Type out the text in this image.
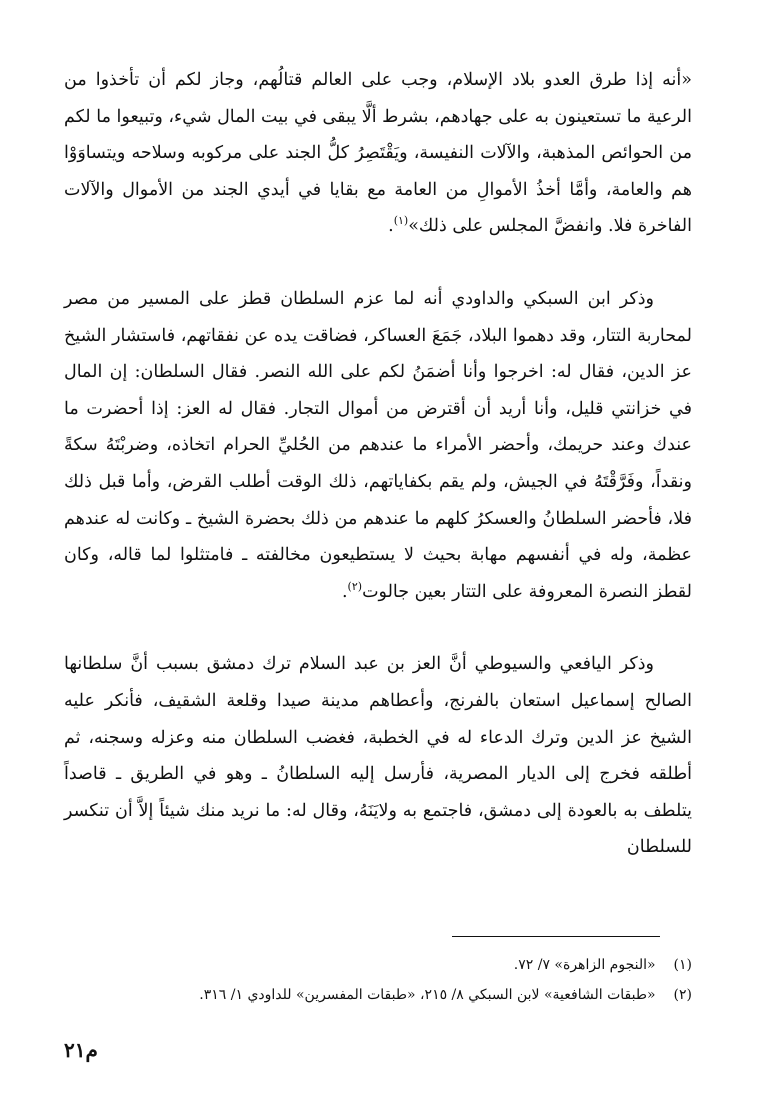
«أنه إذا طرق العدو بلاد الإسلام، وجب على العالم قتالُهم، وجاز لكم أن تأخذوا من الرعية ما تستعينون به على جهادهم، بشرط ألَّا يبقى في بيت المال شيء، وتبيعوا ما لكم من الحوائص المذهبة، والآلات النفيسة، ويَقْتَصِرُ كلُّ الجند على مركوبه وسلاحه ويتساوَوْا هم والعامة، وأمَّا أخذُ الأموالِ من العامة مع بقايا في أيدي الجند من الأموال والآلات الفاخرة فلا. وانفضَّ المجلس على ذلك»$^{(١)}$.

وذكر ابن السبكي والداودي أنه لما عزم السلطان قطز على المسير من مصر لمحاربة التتار، وقد دهموا البلاد، جَمَعَ العساكر، فضاقت يده عن نفقاتهم، فاستشار الشيخ عز الدين، فقال له: اخرجوا وأنا أضمَنُ لكم على الله النصر. فقال السلطان: إن المال في خزانتي قليل، وأنا أريد أن أقترض من أموال التجار. فقال له العز: إذا أحضرت ما عندك وعند حريمك، وأحضر الأمراء ما عندهم من الحُليِّ الحرام اتخاذه، وضربْتَهُ سكةً ونقداً، وفَرَّقْتَهُ في الجيش، ولم يقم بكفاياتهم، ذلك الوقت أطلب القرض، وأما قبل ذلك فلا، فأحضر السلطانُ والعسكرُ كلهم ما عندهم من ذلك بحضرة الشيخ ـ وكانت له عندهم عظمة، وله في أنفسهم مهابة بحيث لا يستطيعون مخالفته ـ فامتثلوا لما قاله، وكان لقطز النصرة المعروفة على التتار بعين جالوت$^{(٢)}$.

وذكر اليافعي والسيوطي أنَّ العز بن عبد السلام ترك دمشق بسبب أنَّ سلطانها الصالح إسماعيل استعان بالفرنج، وأعطاهم مدينة صيدا وقلعة الشقيف، فأنكر عليه الشيخ عز الدين وترك الدعاء له في الخطبة، فغضب السلطان منه وعزله وسجنه، ثم أطلقه فخرج إلى الديار المصرية، فأرسل إليه السلطانُ ـ وهو في الطريق ـ قاصداً يتلطف به بالعودة إلى دمشق، فاجتمع به ولايَنَهُ، وقال له: ما نريد منك شيئاً إلاَّ أن تنكسر للسلطان

(١) «النجوم الزاهرة» ٧/ ٧٢.

(٢) «طبقات الشافعية» لابن السبكي ٨/ ٢١٥، «طبقات المفسرين» للداودي ١/ ٣١٦.

م٢١
